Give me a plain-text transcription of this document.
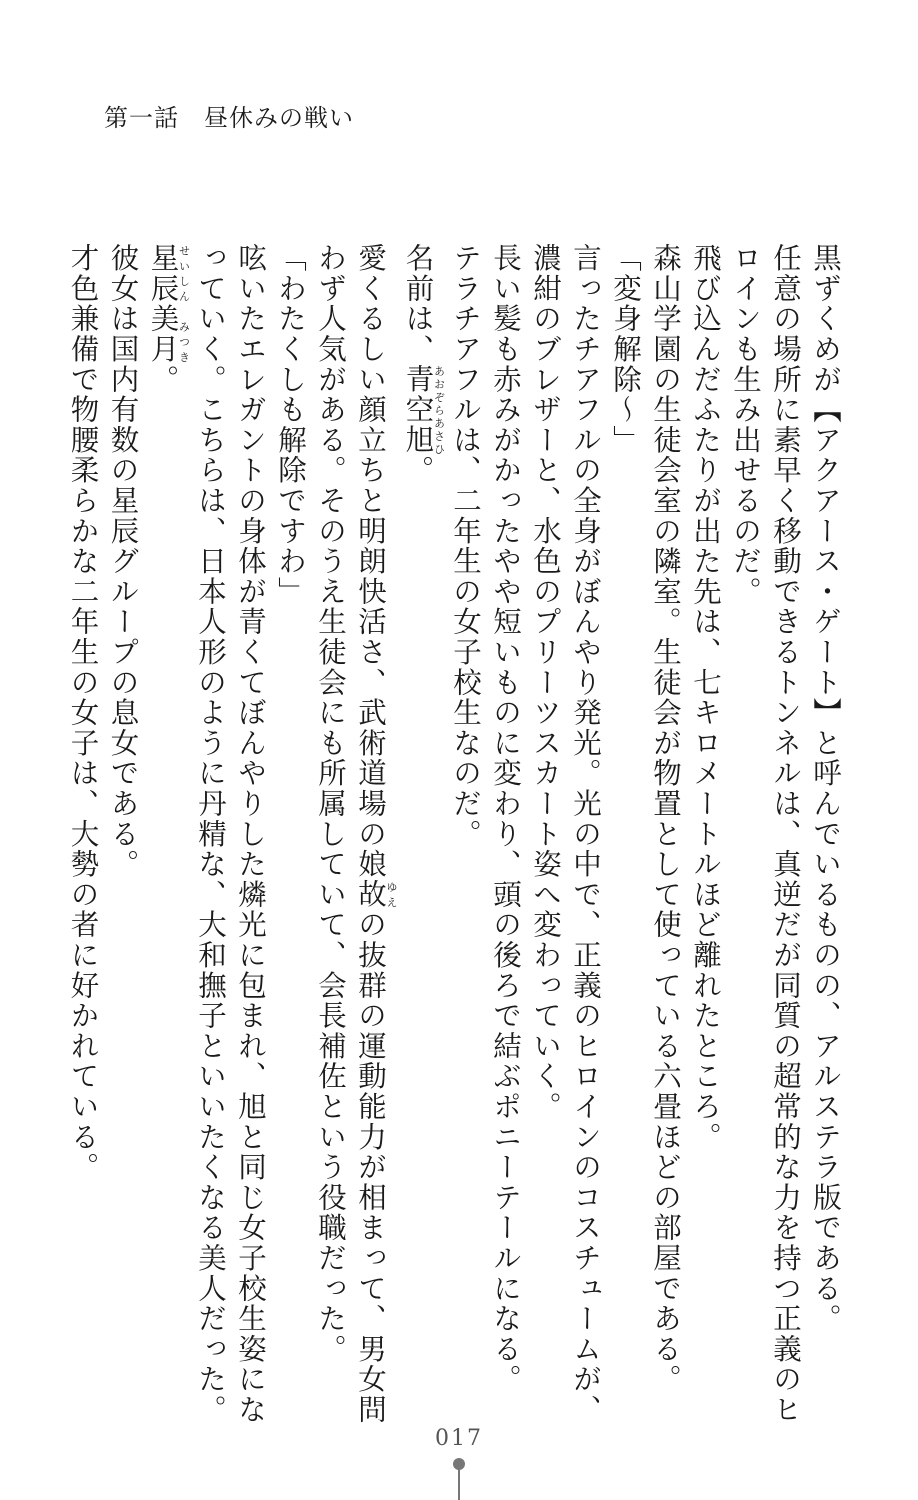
第一話　昼休みの戦い

黒ずくめが【アクアース・ゲート】と呼んでいるものの、アルステラ版である。

任意の場所に素早く移動できるトンネルは、真逆だが同質の超常的な力を持つ正義のヒ

ロインも生み出せるのだ。

飛び込んだふたりが出た先は、七キロメートルほど離れたところ。

森山学園の生徒会室の隣室。生徒会が物置として使っている六畳ほどの部屋である。

「変身解除〜」

言ったチアフルの全身がぼんやり発光。光の中で、正義のヒロインのコスチュームが、

濃紺のブレザーと、水色のプリーツスカート姿へ変わっていく。

長い髪も赤みがかったやや短いものに変わり、頭の後ろで結ぶポニーテールになる。

テラチアフルは、二年生の女子校生なのだ。

名前は、青空旭あおぞらあさひ。

愛くるしい顔立ちと明朗快活さ、武術道場の娘故ゆえの抜群の運動能力が相まって、男女問

わず人気がある。そのうえ生徒会にも所属していて、会長補佐という役職だった。

「わたくしも解除ですわ」

呟いたエレガントの身体が青くてぼんやりした燐光に包まれ、旭と同じ女子校生姿にな

っていく。こちらは、日本人形のように丹精な、大和撫子といいたくなる美人だった。

星辰美月せいしん　みつき。

彼女は国内有数の星辰グループの息女である。

才色兼備で物腰柔らかな二年生の女子は、大勢の者に好かれている。

017
